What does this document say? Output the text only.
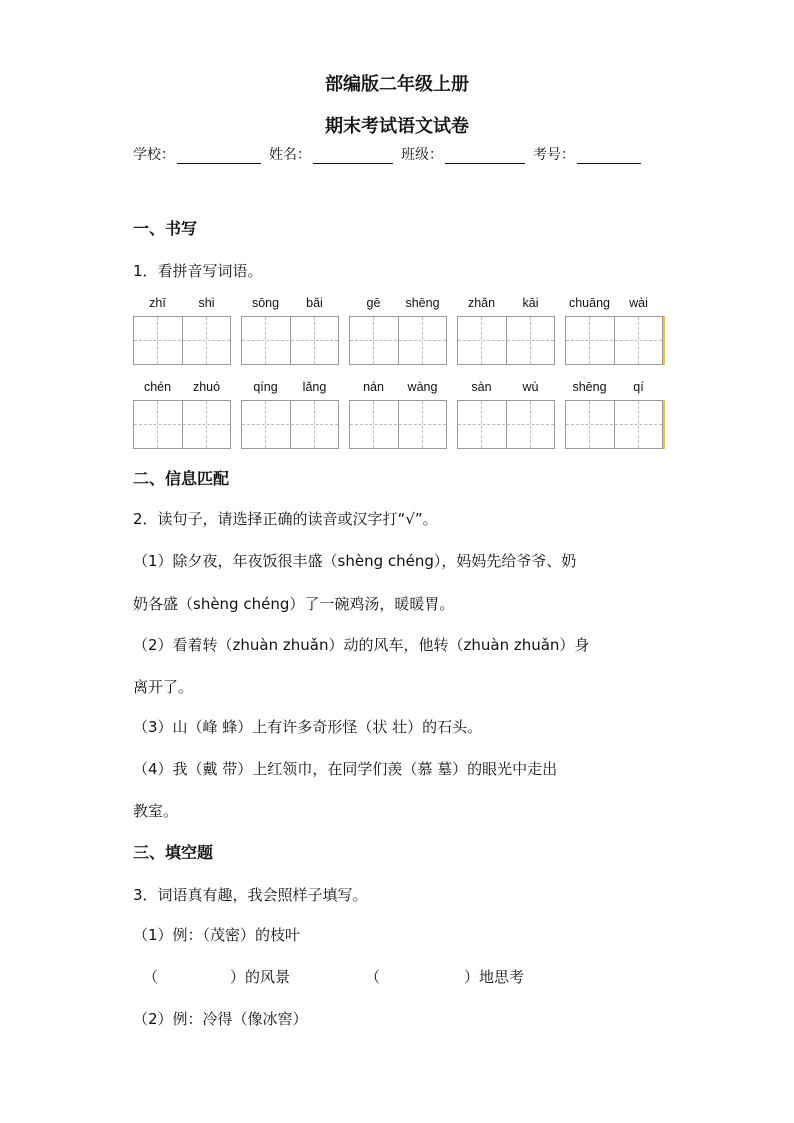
部编版二年级上册
期末考试语文试卷
学校：	姓名：	班级：	考号：
一、书写
1．看拼音写词语。
zhī	shi	sōng	bǎi	gē	shēng	zhǎn	kāi	chuāng	wài
chén	zhuó	qíng	lǎng	nán	wàng	sàn	wù	shēng	qí
二、信息匹配
2．读句子，请选择正确的读音或汉字打“√”。
（1）除夕夜，年夜饭很丰盛（shèng chéng），妈妈先给爷爷、奶
奶各盛（shèng chéng）了一碗鸡汤，暖暖胃。
（2）看着转（zhuàn zhuǎn）动的风车，他转（zhuàn zhuǎn）身
离开了。
（3）山（峰 蜂）上有许多奇形怪（状 壮）的石头。
（4）我（戴 带）上红领巾，在同学们羡（慕 墓）的眼光中走出
教室。
三、填空题
3．词语真有趣，我会照样子填写。
（1）例：（茂密）的枝叶
（	）的风景	（	）地思考
（2）例：冷得（像冰窖）
